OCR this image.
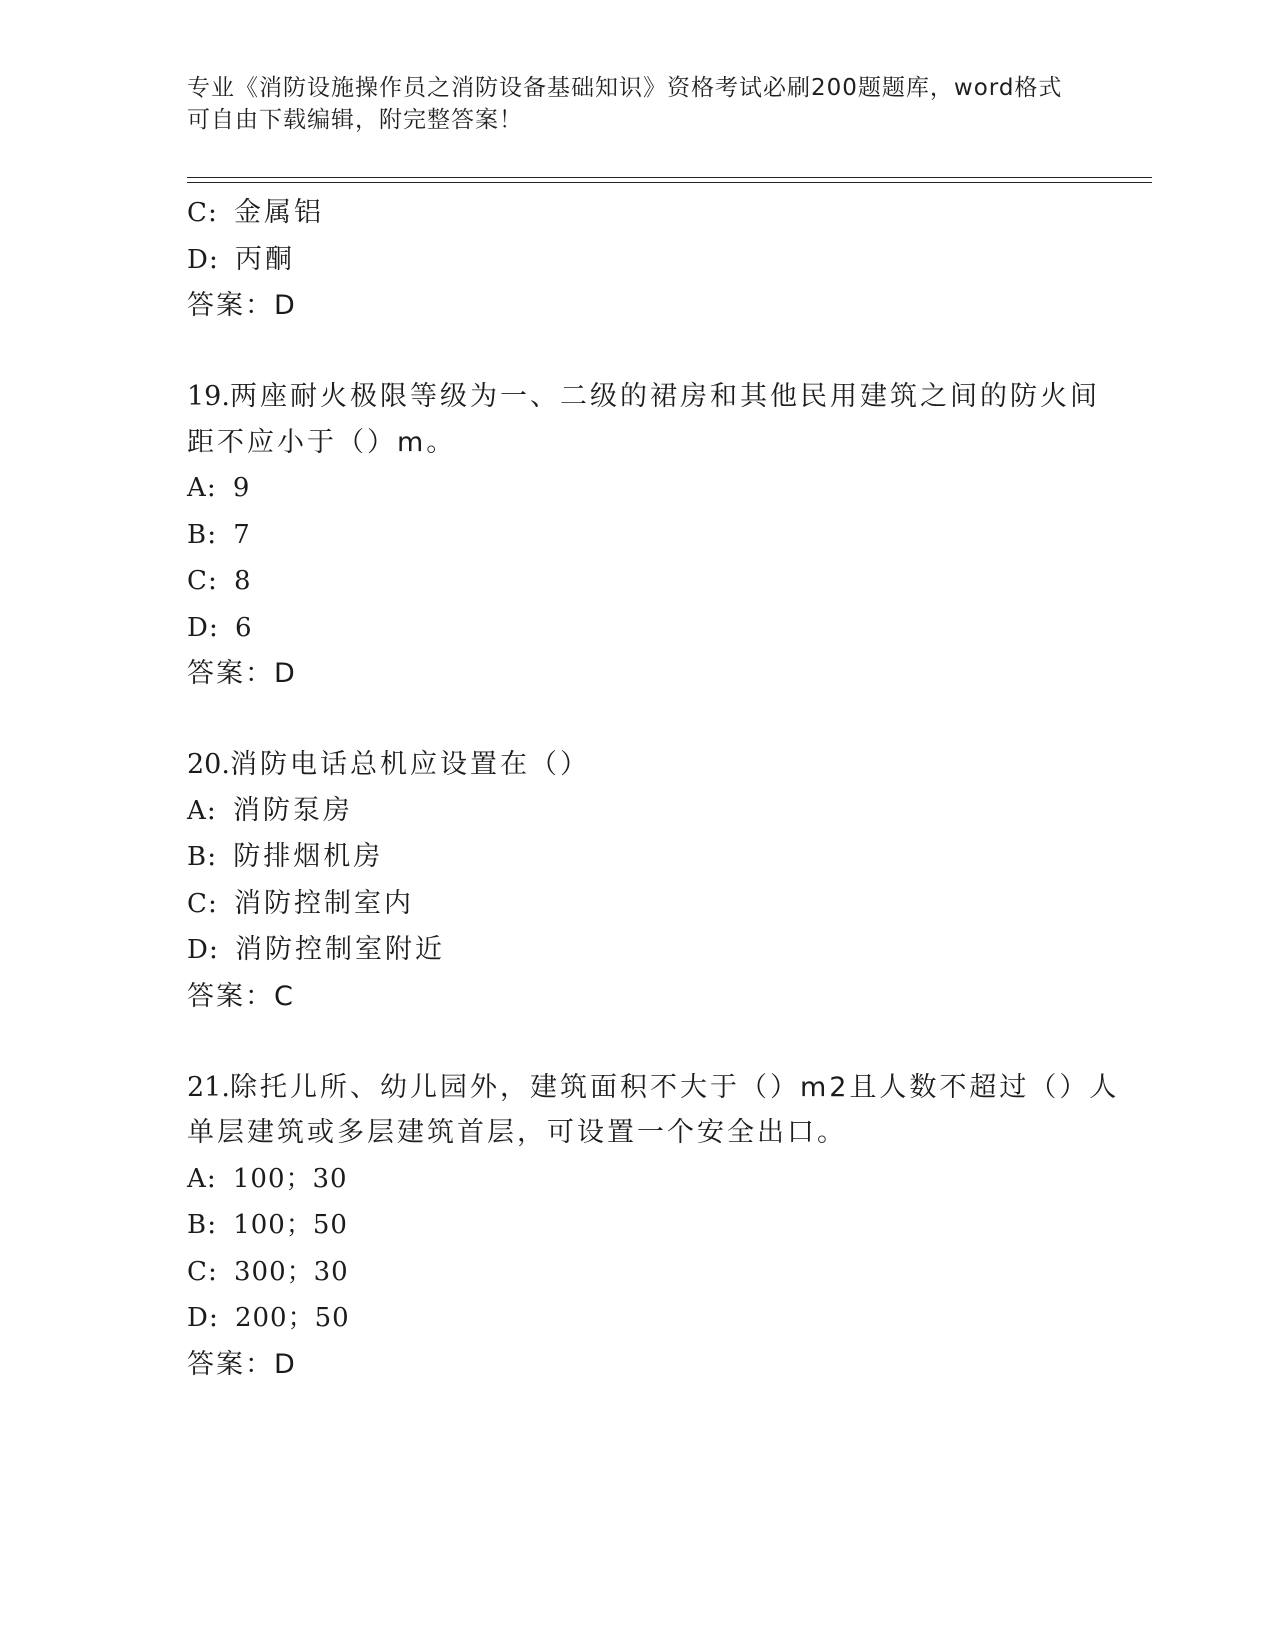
专业《消防设施操作员之消防设备基础知识》资格考试必刷200题题库，word格式可自由下载编辑，附完整答案！
C: 金属铝
D: 丙酮
答案：D
19.两座耐火极限等级为一、二级的裙房和其他民用建筑之间的防火间
距不应小于（）m。
A: 9
B: 7
C: 8
D: 6
答案：D
20.消防电话总机应设置在（）
A: 消防泵房
B: 防排烟机房
C: 消防控制室内
D: 消防控制室附近
答案：C
21.除托儿所、幼儿园外，建筑面积不大于（）m2且人数不超过（）人
单层建筑或多层建筑首层，可设置一个安全出口。
A: 100；30
B: 100；50
C: 300；30
D: 200；50
答案：D
